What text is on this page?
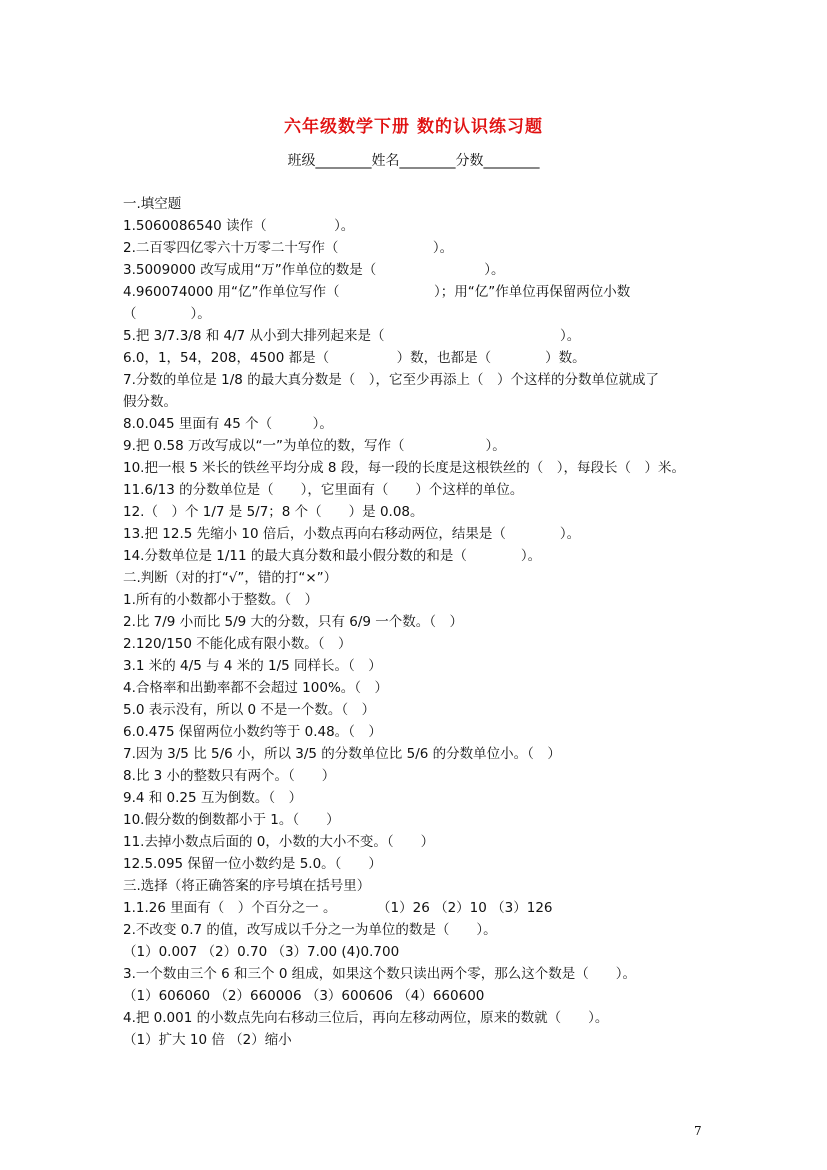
六年级数学下册 数的认识练习题
班级________姓名________分数________
一.填空题
1.5060086540 读作（　　　　　）。
2.二百零四亿零六十万零二十写作（　　　　　　　）。
3.5009000 改写成用“万”作单位的数是（　　　　　　　　）。
4.960074000 用“亿”作单位写作（　　　　　　　）；用“亿”作单位再保留两位小数
（　　　　）。
5.把 3/7.3/8 和 4/7 从小到大排列起来是（　　　　　　　　　　　　　）。
6.0，1，54，208，4500 都是（　　　　　）数，也都是（　　　　）数。
7.分数的单位是 1/8 的最大真分数是（　），它至少再添上（　）个这样的分数单位就成了
假分数。
8.0.045 里面有 45 个（　　　）。
9.把 0.58 万改写成以“一”为单位的数，写作（　　　　　　）。
10.把一根 5 米长的铁丝平均分成 8 段，每一段的长度是这根铁丝的（　），每段长（　）米。
11.6/13 的分数单位是（　　），它里面有（　　）个这样的单位。
12.（　）个 1/7 是 5/7；8 个（　　）是 0.08。
13.把 12.5 先缩小 10 倍后，小数点再向右移动两位，结果是（　　　　）。
14.分数单位是 1/11 的最大真分数和最小假分数的和是（　　　　）。
二.判断（对的打“√”，错的打“×”）
1.所有的小数都小于整数。（　）
2.比 7/9 小而比 5/9 大的分数，只有 6/9 一个数。（　）
2.120/150 不能化成有限小数。（　）
3.1 米的 4/5 与 4 米的 1/5 同样长。（　）
4.合格率和出勤率都不会超过 100%。（　）
5.0 表示没有，所以 0 不是一个数。（　）
6.0.475 保留两位小数约等于 0.48。（　）
7.因为 3/5 比 5/6 小，所以 3/5 的分数单位比 5/6 的分数单位小。（　）
8.比 3 小的整数只有两个。（　　）
9.4 和 0.25 互为倒数。（　）
10.假分数的倒数都小于 1。（　　）
11.去掉小数点后面的 0，小数的大小不变。（　　）
12.5.095 保留一位小数约是 5.0。（　　）
三.选择（将正确答案的序号填在括号里）
1.1.26 里面有（　）个百分之一 。　　　　（1）26 （2）10 （3）126
2.不改变 0.7 的值，改写成以千分之一为单位的数是（　　）。
（1）0.007 （2）0.70 （3）7.00 (4)0.700
3.一个数由三个 6 和三个 0 组成，如果这个数只读出两个零，那么这个数是（　　）。
（1）606060 （2）660006 （3）600606 （4）660600
4.把 0.001 的小数点先向右移动三位后，再向左移动两位，原来的数就（　　）。
（1）扩大 10 倍 （2）缩小
7
